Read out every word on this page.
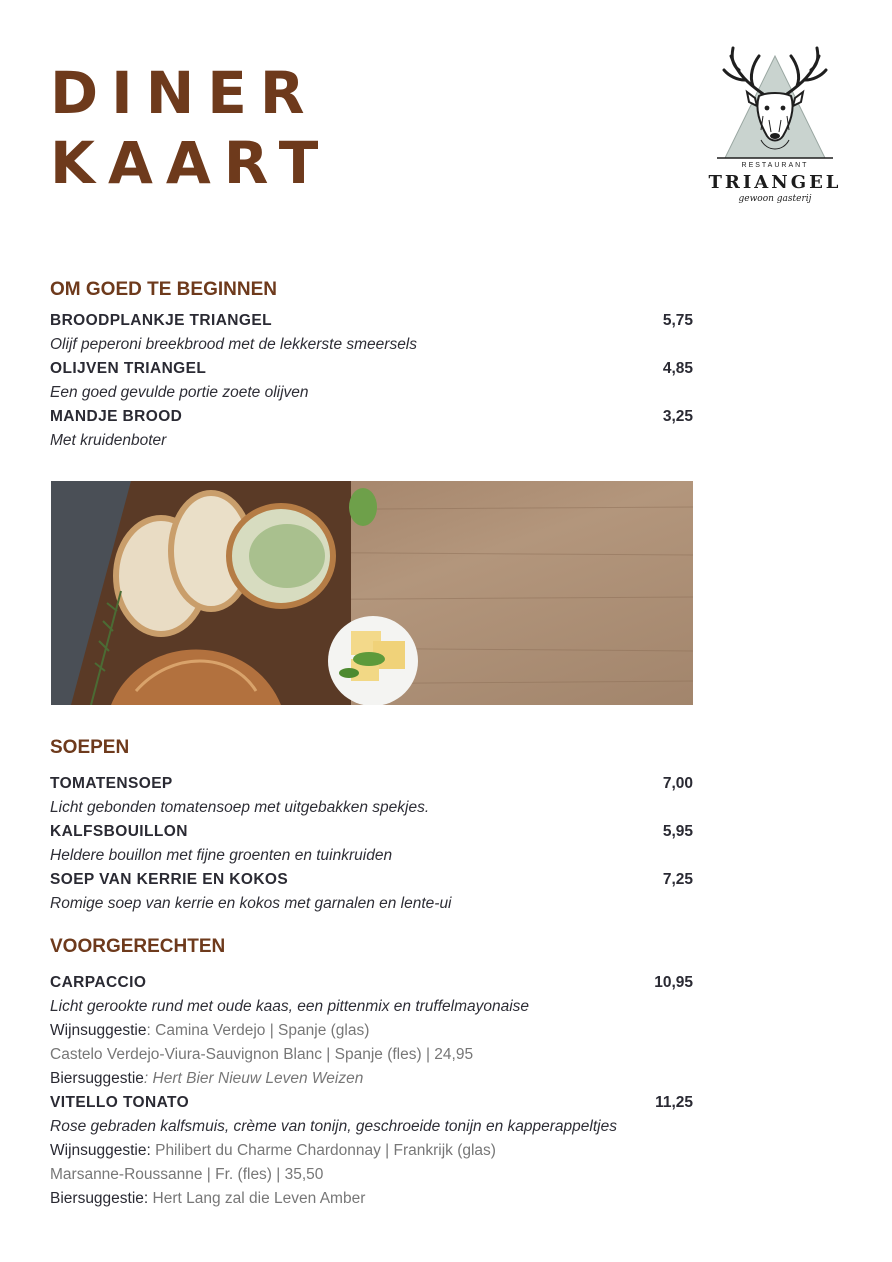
DINER
KAART	RESTAURANT
TRIANGEL
gewoon gasterij
OM GOED TE BEGINNEN
BROODPLANKJE TRIANGEL	5,75
Olijf peperoni breekbrood met de lekkerste smeersels
OLIJVEN TRIANGEL	4,85
Een goed gevulde portie zoete olijven
MANDJE BROOD	3,25
Met kruidenboter
SOEPEN
TOMATENSOEP	7,00
Licht gebonden tomatensoep met uitgebakken spekjes.
KALFSBOUILLON	5,95
Heldere bouillon met fijne groenten en tuinkruiden
SOEP VAN KERRIE EN KOKOS	7,25
Romige soep van kerrie en kokos met garnalen en lente-ui
VOORGERECHTEN
CARPACCIO	10,95
Licht gerookte rund met oude kaas, een pittenmix en truffelmayonaise
Wijnsuggestie: Camina Verdejo | Spanje (glas)
Castelo Verdejo-Viura-Sauvignon Blanc | Spanje (fles) | 24,95
Biersuggestie: Hert Bier Nieuw Leven Weizen
VITELLO TONATO	11,25
Rose gebraden kalfsmuis, crème van tonijn, geschroeide tonijn en kapperappeltjes
Wijnsuggestie: Philibert du Charme Chardonnay | Frankrijk (glas)
Marsanne-Roussanne | Fr. (fles) | 35,50
Biersuggestie: Hert Lang zal die Leven Amber
